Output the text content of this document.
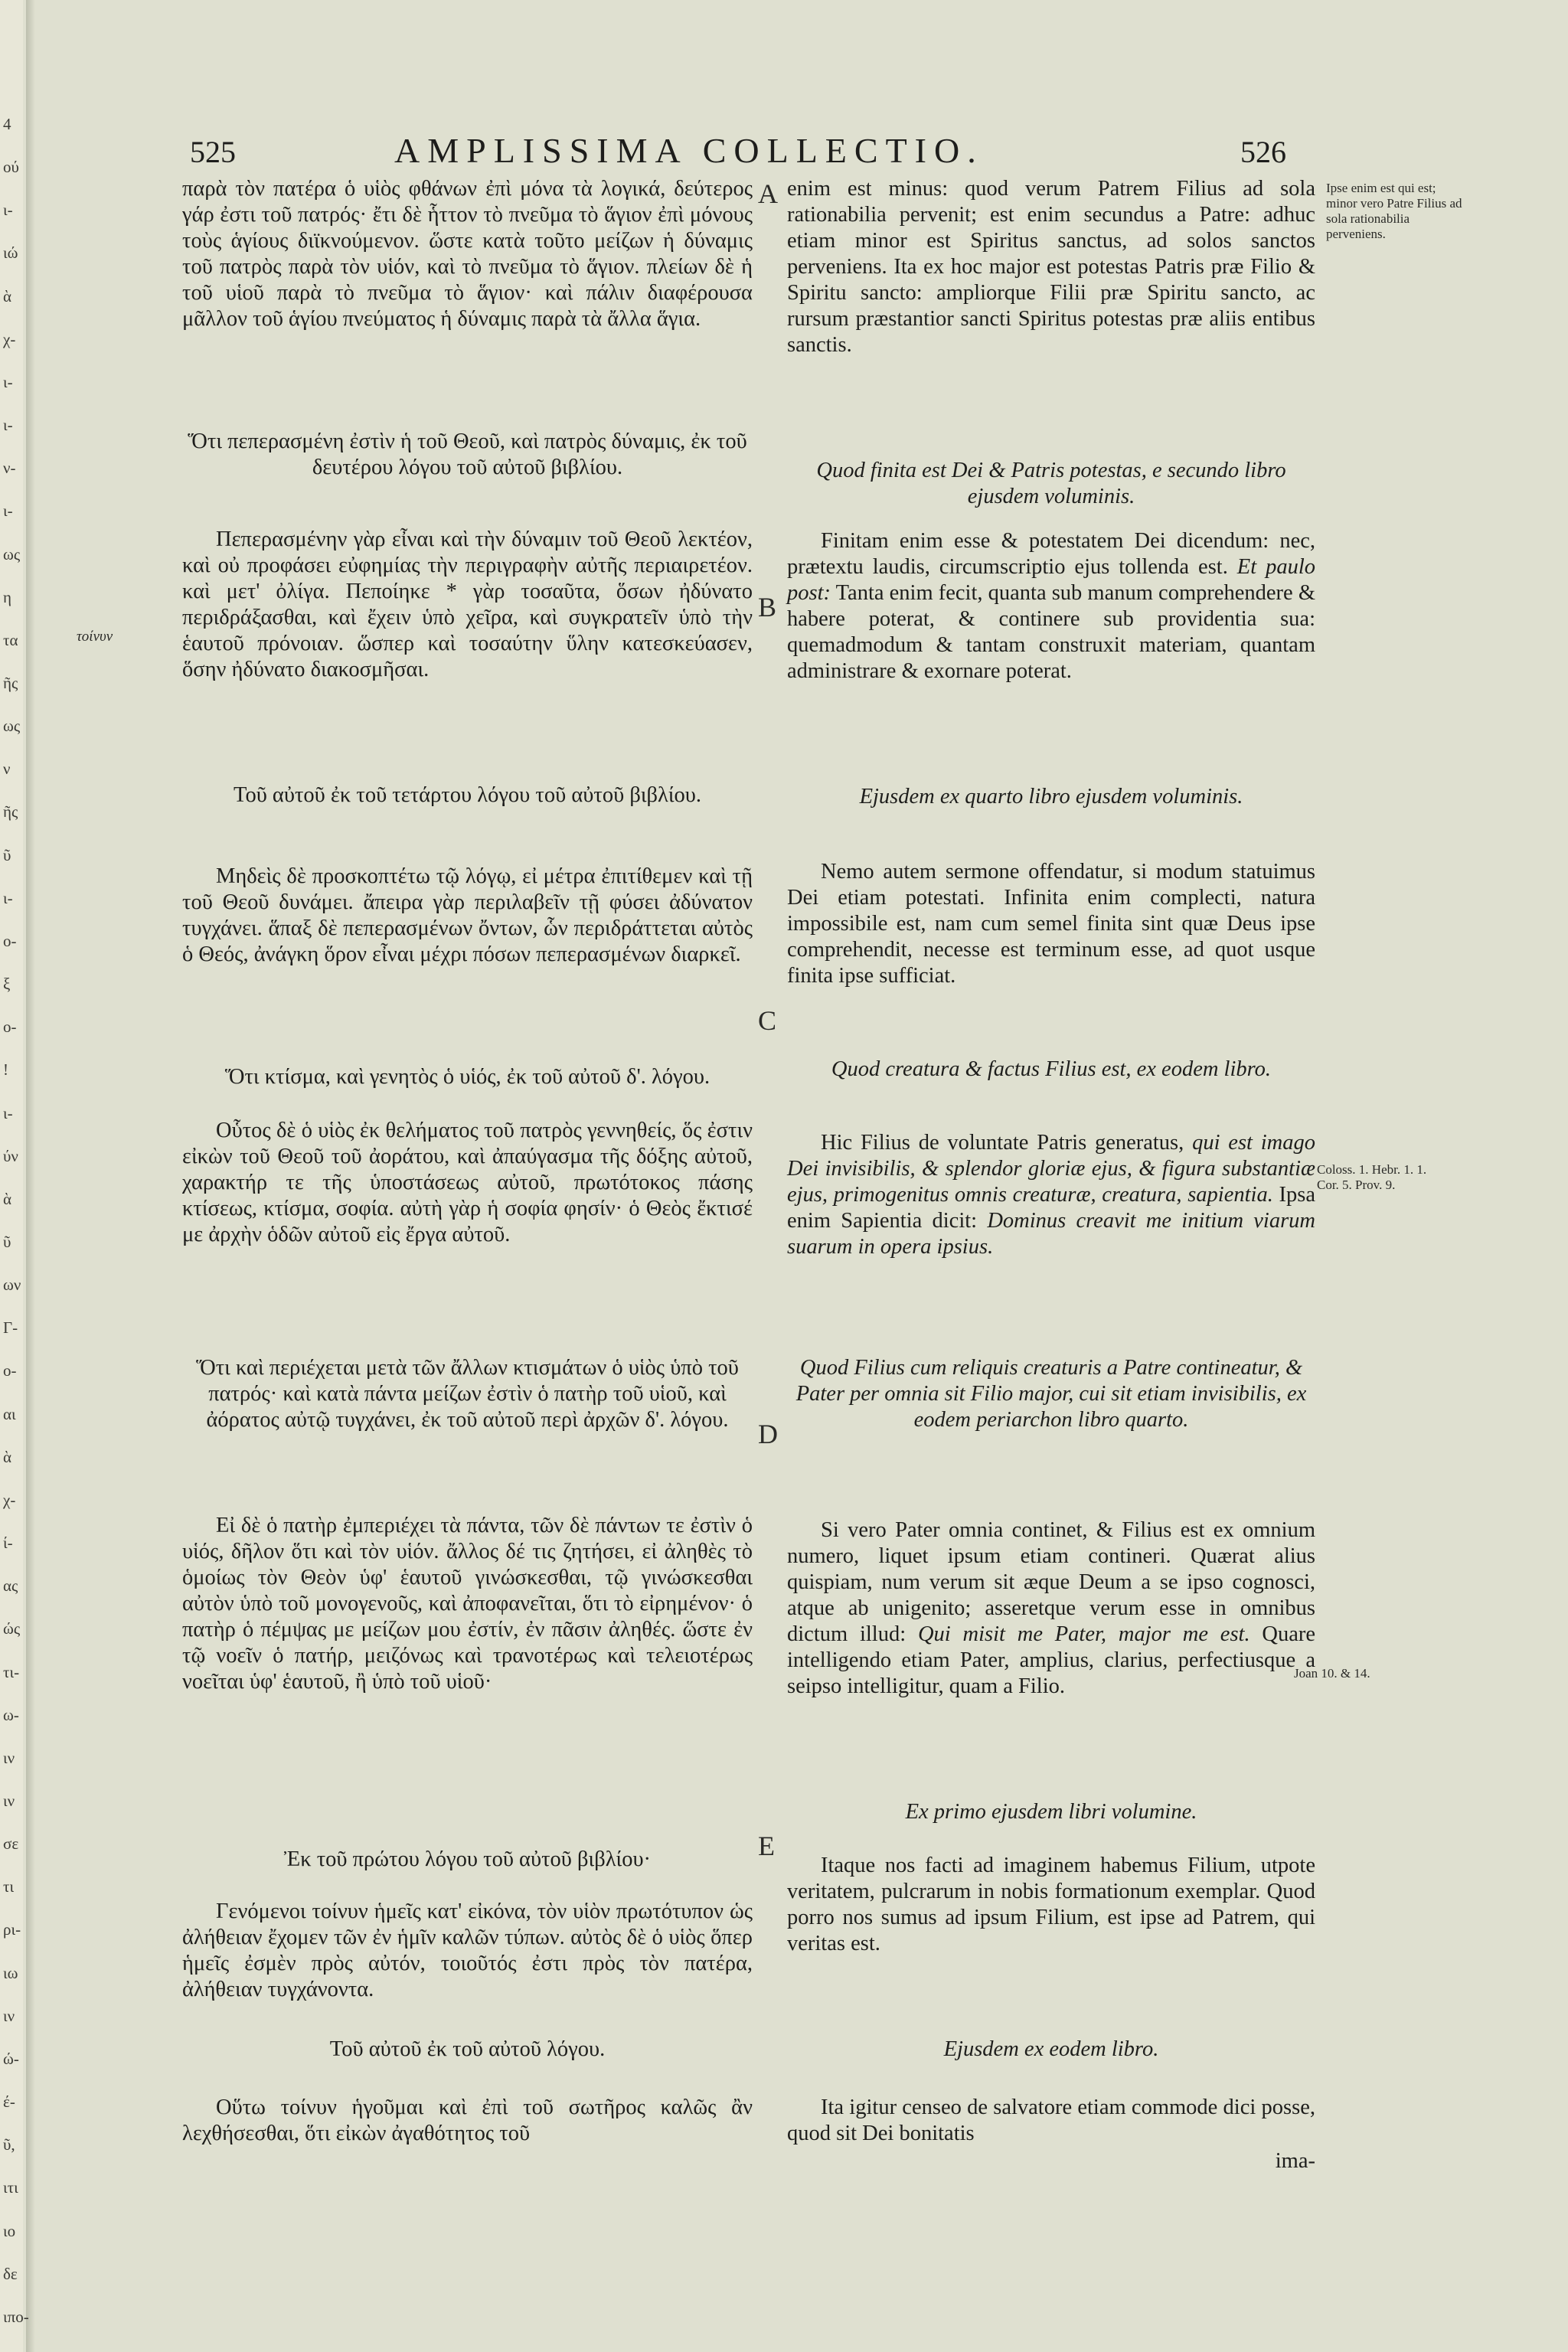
4
ού
ι-
ιώ
ὰ
χ-
ι-
ι-
ν-
ι-
ως
η
τα
ῆς
ως
ν
ῆς
ῦ
ι-
ο-
ξ
ο-
!
ι-
ύν
ὰ
ῦ
ων
Γ-
ο-
αι
ὰ
χ-
ί-
ας
ώς
τι-
ω-
ιν
ιν
σε
τι
ρι-
ιω
ιν
ώ-
έ-
ῦ,
ιτι
ιο
δε
ιπο-
525	AMPLISSIMA COLLECTIO.	526
τοίνυν
A
B
C
D
E

παρὰ τὸν πατέρα ὁ υἱὸς φθάνων ἐπὶ μόνα τὰ λογικά, δεύτερος γάρ ἐστι τοῦ πατρός· ἔτι δὲ ἧττον τὸ πνεῦμα τὸ ἅγιον ἐπὶ μόνους τοὺς ἁγίους διϊκνούμενον. ὥστε κατὰ τοῦτο μείζων ἡ δύναμις τοῦ πατρὸς παρὰ τὸν υἱόν, καὶ τὸ πνεῦμα τὸ ἅγιον. πλείων δὲ ἡ τοῦ υἱοῦ παρὰ τὸ πνεῦμα τὸ ἅγιον· καὶ πάλιν διαφέρουσα μᾶλλον τοῦ ἁγίου πνεύματος ἡ δύναμις παρὰ τὰ ἄλλα ἅγια.

Ὅτι πεπερασμένη ἐστὶν ἡ τοῦ Θεοῦ, καὶ πατρὸς δύναμις, ἐκ τοῦ δευτέρου λόγου τοῦ αὐτοῦ βιβλίου.

Πεπερασμένην γὰρ εἶναι καὶ τὴν δύναμιν τοῦ Θεοῦ λεκτέον, καὶ οὐ προφάσει εὐφημίας τὴν περιγραφὴν αὐτῆς περιαιρετέον. καὶ μετ' ὀλίγα. Πεποίηκε * γὰρ τοσαῦτα, ὅσων ἠδύνατο περιδράξασθαι, καὶ ἔχειν ὑπὸ χεῖρα, καὶ συγκρατεῖν ὑπὸ τὴν ἑαυτοῦ πρόνοιαν. ὥσπερ καὶ τοσαύτην ὕλην κατεσκεύασεν, ὅσην ἠδύνατο διακοσμῆσαι.

Τοῦ αὐτοῦ ἐκ τοῦ τετάρτου λόγου τοῦ αὐτοῦ βιβλίου.

Μηδεὶς δὲ προσκοπτέτω τῷ λόγῳ, εἰ μέτρα ἐπιτίθεμεν καὶ τῇ τοῦ Θεοῦ δυνάμει. ἄπειρα γὰρ περιλαβεῖν τῇ φύσει ἀδύνατον τυγχάνει. ἅπαξ δὲ πεπερασμένων ὄντων, ὧν περιδράττεται αὐτὸς ὁ Θεός, ἀνάγκη ὅρον εἶναι μέχρι πόσων πεπερασμένων διαρκεῖ.

Ὅτι κτίσμα, καὶ γενητὸς ὁ υἱός, ἐκ τοῦ αὐτοῦ δ'. λόγου.

Οὗτος δὲ ὁ υἱὸς ἐκ θελήματος τοῦ πατρὸς γεννηθείς, ὅς ἐστιν εἰκὼν τοῦ Θεοῦ τοῦ ἀοράτου, καὶ ἀπαύγασμα τῆς δόξης αὐτοῦ, χαρακτήρ τε τῆς ὑποστάσεως αὐτοῦ, πρωτότοκος πάσης κτίσεως, κτίσμα, σοφία. αὐτὴ γὰρ ἡ σοφία φησίν· ὁ Θεὸς ἔκτισέ με ἀρχὴν ὁδῶν αὐτοῦ εἰς ἔργα αὐτοῦ.

Ὅτι καὶ περιέχεται μετὰ τῶν ἄλλων κτισμάτων ὁ υἱὸς ὑπὸ τοῦ πατρός· καὶ κατὰ πάντα μείζων ἐστὶν ὁ πατὴρ τοῦ υἱοῦ, καὶ ἀόρατος αὐτῷ τυγχάνει, ἐκ τοῦ αὐτοῦ περὶ ἀρχῶν δ'. λόγου.

Εἰ δὲ ὁ πατὴρ ἐμπεριέχει τὰ πάντα, τῶν δὲ πάντων τε ἐστὶν ὁ υἱός, δῆλον ὅτι καὶ τὸν υἱόν. ἄλλος δέ τις ζητήσει, εἰ ἀληθὲς τὸ ὁμοίως τὸν Θεὸν ὑφ' ἑαυτοῦ γινώσκεσθαι, τῷ γινώσκεσθαι αὐτὸν ὑπὸ τοῦ μονογενοῦς, καὶ ἀποφανεῖται, ὅτι τὸ εἰρημένον· ὁ πατὴρ ὁ πέμψας με μείζων μου ἐστίν, ἐν πᾶσιν ἀληθές. ὥστε ἐν τῷ νοεῖν ὁ πατήρ, μειζόνως καὶ τρανοτέρως καὶ τελειοτέρως νοεῖται ὑφ' ἑαυτοῦ, ἢ ὑπὸ τοῦ υἱοῦ·

Ἐκ τοῦ πρώτου λόγου τοῦ αὐτοῦ βιβλίου·

Γενόμενοι τοίνυν ἡμεῖς κατ' εἰκόνα, τὸν υἱὸν πρωτότυπον ὡς ἀλήθειαν ἔχομεν τῶν ἐν ἡμῖν καλῶν τύπων. αὐτὸς δὲ ὁ υἱὸς ὅπερ ἡμεῖς ἐσμὲν πρὸς αὐτόν, τοιοῦτός ἐστι πρὸς τὸν πατέρα, ἀλήθειαν τυγχάνοντα.

Τοῦ αὐτοῦ ἐκ τοῦ αὐτοῦ λόγου.

Οὕτω τοίνυν ἡγοῦμαι καὶ ἐπὶ τοῦ σωτῆρος καλῶς ἂν λεχθήσεσθαι, ὅτι εἰκὼν ἀγαθότητος τοῦ

enim est minus: quod verum Patrem Filius ad sola rationabilia pervenit; est enim secundus a Patre: adhuc etiam minor est Spiritus sanctus, ad solos sanctos perveniens. Ita ex hoc major est potestas Patris præ Filio & Spiritu sancto: ampliorque Filii præ Spiritu sancto, ac rursum præstantior sancti Spiritus potestas præ aliis entibus sanctis.

Quod finita est Dei & Patris potestas, e secundo libro ejusdem voluminis.

Finitam enim esse & potestatem Dei dicendum: nec, prætextu laudis, circumscriptio ejus tollenda est. Et paulo post: Tanta enim fecit, quanta sub manum comprehendere & habere poterat, & continere sub providentia sua: quemadmodum & tantam construxit materiam, quantam administrare & exornare poterat.

Ejusdem ex quarto libro ejusdem voluminis.

Nemo autem sermone offendatur, si modum statuimus Dei etiam potestati. Infinita enim complecti, natura impossibile est, nam cum semel finita sint quæ Deus ipse comprehendit, necesse est terminum esse, ad quot usque finita ipse sufficiat.

Quod creatura & factus Filius est, ex eodem libro.

Hic Filius de voluntate Patris generatus, qui est imago Dei invisibilis, & splendor gloriæ ejus, & figura substantiæ ejus, primogenitus omnis creaturæ, creatura, sapientia. Ipsa enim Sapientia dicit: Dominus creavit me initium viarum suarum in opera ipsius.

Quod Filius cum reliquis creaturis a Patre contineatur, & Pater per omnia sit Filio major, cui sit etiam invisibilis, ex eodem periarchon libro quarto.

Si vero Pater omnia continet, & Filius est ex omnium numero, liquet ipsum etiam contineri. Quærat alius quispiam, num verum sit æque Deum a se ipso cognosci, atque ab unigenito; asseretque verum esse in omnibus dictum illud: Qui misit me Pater, major me est. Quare intelligendo etiam Pater, amplius, clarius, perfectiusque a seipso intelligitur, quam a Filio.

Ex primo ejusdem libri volumine.

Itaque nos facti ad imaginem habemus Filium, utpote veritatem, pulcrarum in nobis formationum exemplar. Quod porro nos sumus ad ipsum Filium, est ipse ad Patrem, qui veritas est.

Ejusdem ex eodem libro.

Ita igitur censeo de salvatore etiam commode dici posse, quod sit Dei bonitatis

ima-

Ipse enim est qui est; minor vero Patre Filius ad sola rationabilia perveniens.
Coloss. 1. Hebr. 1. 1. Cor. 5. Prov. 9.
Joan 10. & 14.
